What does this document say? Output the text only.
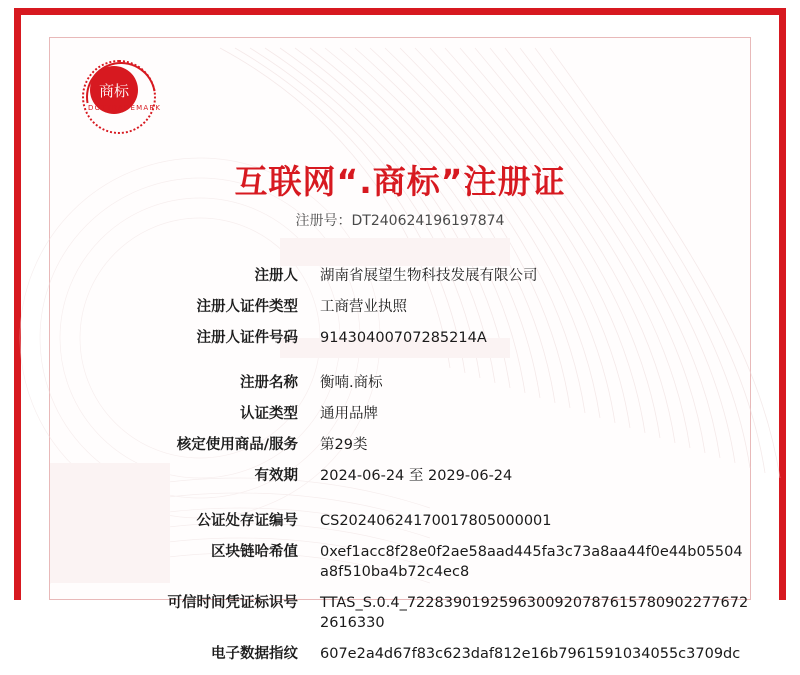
商标
DOTTRADEMARK
互联网“.商标”注册证
注册号：DT240624196197874
注册人	湖南省展望生物科技发展有限公司
注册人证件类型	工商营业执照
注册人证件号码	91430400707285214A
注册名称	衡喃.商标
认证类型	通用品牌
核定使用商品/服务	第29类
有效期	2024-06-24 至 2029-06-24
公证处存证编号	CS20240624170017805000001
区块链哈希值	0xef1acc8f28e0f2ae58aad445fa3c73a8aa44f0e44b05504a8f510ba4b72c4ec8
可信时间凭证标识号	TTAS_S.0.4_72283901925963009207876157809022776722616330
电子数据指纹	607e2a4d67f83c623daf812e16b7961591034055c3709dc
